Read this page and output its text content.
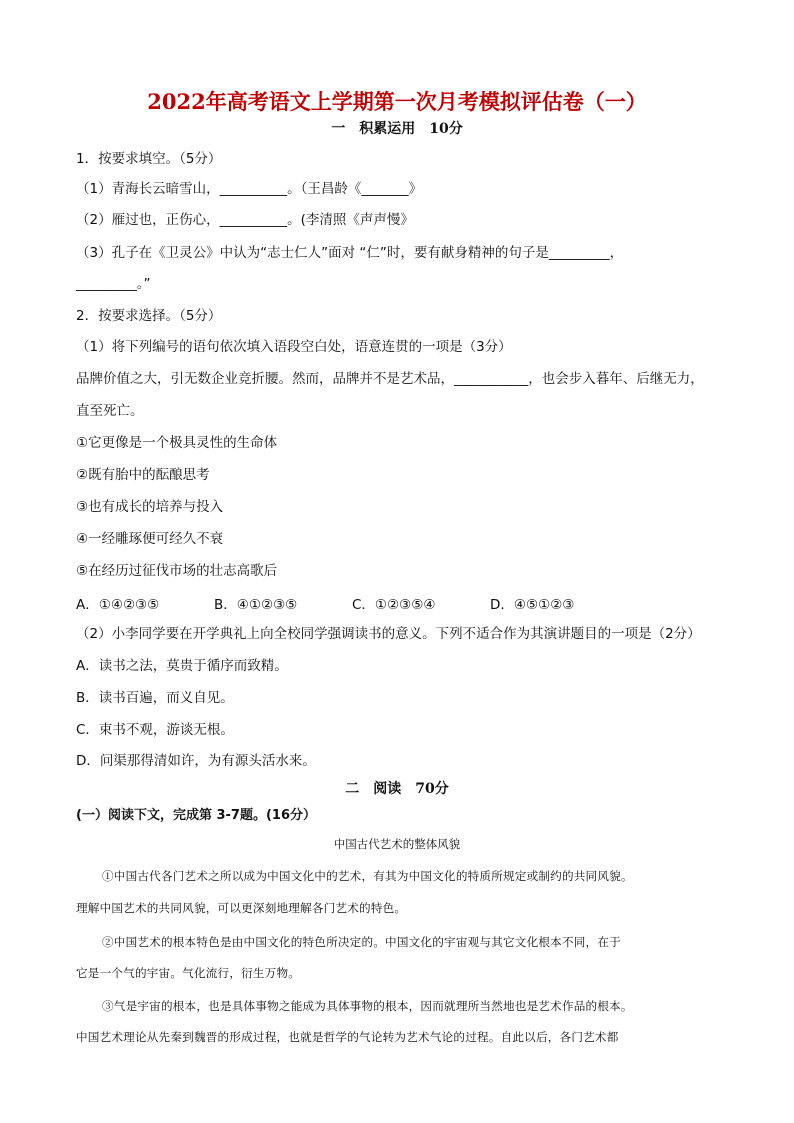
2022年高考语文上学期第一次月考模拟评估卷（一）
一　积累运用　10分
1．按要求填空。（5分）
（1）青海长云暗雪山，__________。（王昌龄《_______》
（2）雁过也，正伤心，__________。(李清照《声声慢》
（3）孔子在《卫灵公》中认为“志士仁人”面对 “仁”时，要有献身精神的句子是_________，
_________。”
2．按要求选择。（5分）
（1）将下列编号的语句依次填入语段空白处，语意连贯的一项是（3分）
品牌价值之大，引无数企业竞折腰。然而，品牌并不是艺术品，___________，也会步入暮年、后继无力，
直至死亡。
①它更像是一个极具灵性的生命体
②既有胎中的酝酿思考
③也有成长的培养与投入
④一经雕琢便可经久不衰
⑤在经历过征伐市场的壮志高歌后
A．①④②③⑤	B．④①②③⑤	C．①②③⑤④	D．④⑤①②③
（2）小李同学要在开学典礼上向全校同学强调读书的意义。下列不适合作为其演讲题目的一项是（2分）
A．读书之法，莫贵于循序而致精。
B．读书百遍，而义自见。
C．束书不观，游谈无根。
D．问渠那得清如许，为有源头活水来。
二　阅读　70分
(一）阅读下文，完成第 3-7题。(16分）
中国古代艺术的整体风貌
①中国古代各门艺术之所以成为中国文化中的艺术，有其为中国文化的特质所规定或制约的共同风貌。
理解中国艺术的共同风貌，可以更深刻地理解各门艺术的特色。
②中国艺术的根本特色是由中国文化的特色所决定的。中国文化的宇宙观与其它文化根本不同，在于
它是一个气的宇宙。气化流行，衍生万物。
③气是宇宙的根本，也是具体事物之能成为具体事物的根本，因而就理所当然地也是艺术作品的根本。
中国艺术理论从先秦到魏晋的形成过程，也就是哲学的气论转为艺术气论的过程。自此以后，各门艺术都
